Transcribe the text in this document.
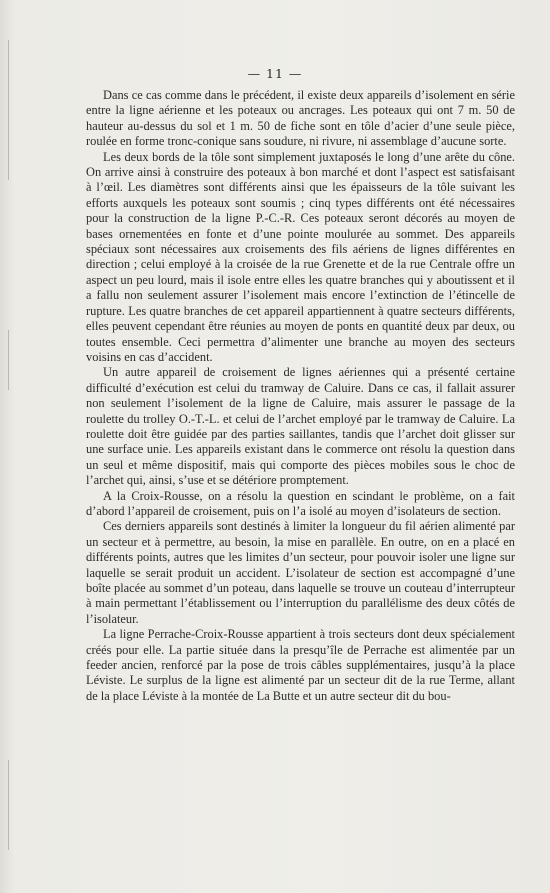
— 11 —

Dans ce cas comme dans le précédent, il existe deux appareils d’isolement en série entre la ligne aérienne et les poteaux ou ancrages. Les poteaux qui ont 7 m. 50 de hauteur au-dessus du sol et 1 m. 50 de fiche sont en tôle d’acier d’une seule pièce, roulée en forme tronc-conique sans soudure, ni rivure, ni assemblage d’aucune sorte.

Les deux bords de la tôle sont simplement juxtaposés le long d’une arête du cône. On arrive ainsi à construire des poteaux à bon marché et dont l’aspect est satisfaisant à l’œil. Les diamètres sont différents ainsi que les épaisseurs de la tôle suivant les efforts auxquels les poteaux sont soumis ; cinq types différents ont été nécessaires pour la construction de la ligne P.-C.-R. Ces poteaux seront décorés au moyen de bases ornementées en fonte et d’une pointe moulurée au sommet. Des appareils spéciaux sont nécessaires aux croisements des fils aériens de lignes différentes en direction ; celui employé à la croisée de la rue Grenette et de la rue Centrale offre un aspect un peu lourd, mais il isole entre elles les quatre branches qui y aboutissent et il a fallu non seulement assurer l’isolement mais encore l’extinction de l’étincelle de rupture. Les quatre branches de cet appareil appartiennent à quatre secteurs différents, elles peuvent cependant être réunies au moyen de ponts en quantité deux par deux, ou toutes ensemble. Ceci permettra d’alimenter une branche au moyen des secteurs voisins en cas d’accident.

Un autre appareil de croisement de lignes aériennes qui a présenté certaine difficulté d’exécution est celui du tramway de Caluire. Dans ce cas, il fallait assurer non seulement l’isolement de la ligne de Caluire, mais assurer le passage de la roulette du trolley O.-T.-L. et celui de l’archet employé par le tramway de Caluire. La roulette doit être guidée par des parties saillantes, tandis que l’archet doit glisser sur une surface unie. Les appareils existant dans le commerce ont résolu la question dans un seul et même dispositif, mais qui comporte des pièces mobiles sous le choc de l’archet qui, ainsi, s’use et se détériore promptement.

A la Croix-Rousse, on a résolu la question en scindant le problème, on a fait d’abord l’appareil de croisement, puis on l’a isolé au moyen d’isolateurs de section.

Ces derniers appareils sont destinés à limiter la longueur du fil aérien alimenté par un secteur et à permettre, au besoin, la mise en parallèle. En outre, on en a placé en différents points, autres que les limites d’un secteur, pour pouvoir isoler une ligne sur laquelle se serait produit un accident. L’isolateur de section est accompagné d’une boîte placée au sommet d’un poteau, dans laquelle se trouve un couteau d’interrupteur à main permettant l’établissement ou l’interruption du parallélisme des deux côtés de l’isolateur.

La ligne Perrache-Croix-Rousse appartient à trois secteurs dont deux spécialement créés pour elle. La partie située dans la presqu’île de Perrache est alimentée par un feeder ancien, renforcé par la pose de trois câbles supplémentaires, jusqu’à la place Léviste. Le surplus de la ligne est alimenté par un secteur dit de la rue Terme, allant de la place Léviste à la montée de La Butte et un autre secteur dit du bou-
